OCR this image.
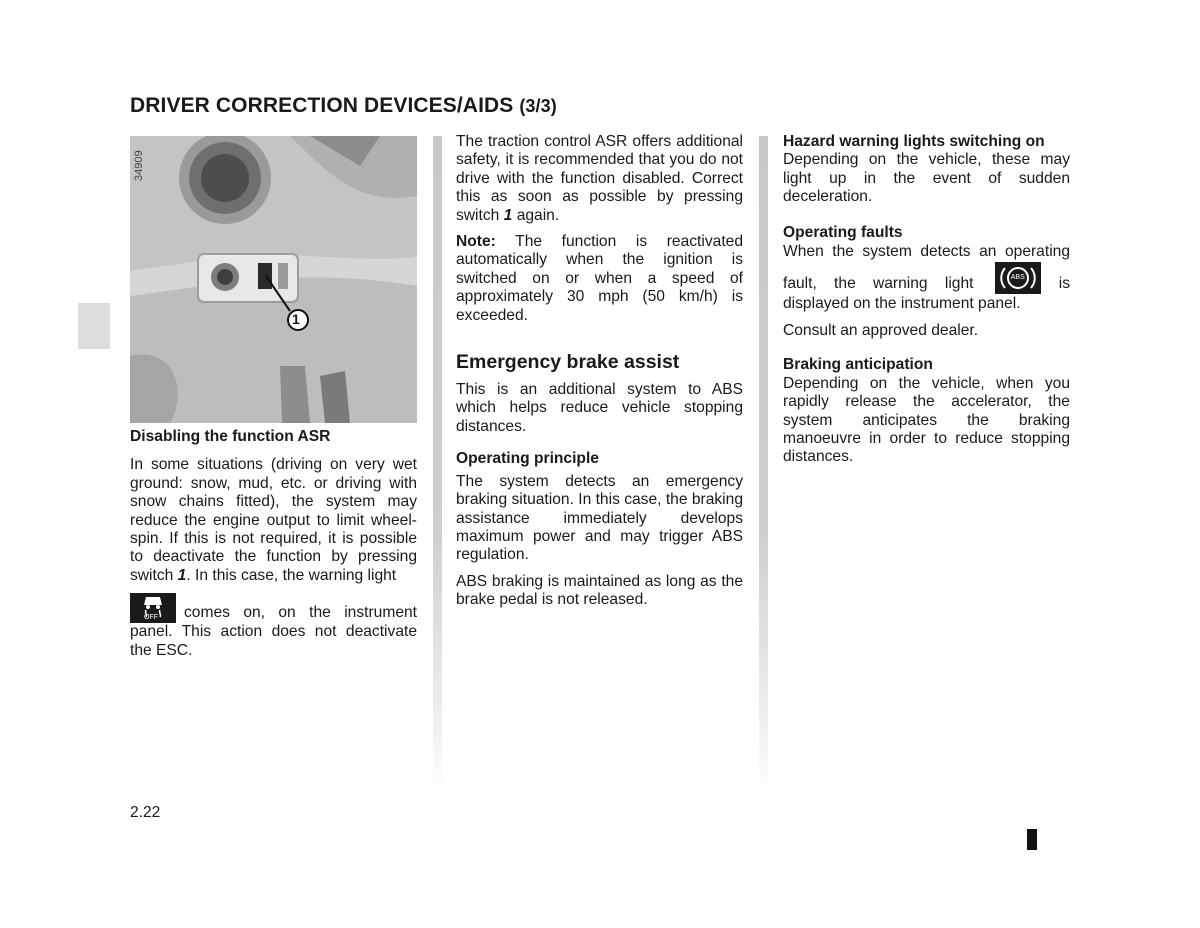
DRIVER CORRECTION DEVICES/AIDS (3/3)
1
34909

Disabling the function ASR

In some situations (driving on very wet ground: snow, mud, etc. or driving with snow chains fitted), the system may reduce the engine output to limit wheel-spin. If this is not required, it is possible to deactivate the function by pressing switch 1. In this case, the warning light

OFF comes on, on the instrument panel. This action does not deactivate the ESC.

The traction control ASR offers additional safety, it is recommended that you do not drive with the function disabled. Correct this as soon as possible by pressing switch 1 again.

Note: The function is reactivated automatically when the ignition is switched on or when a speed of approximately 30 mph (50 km/h) is exceeded.

Emergency brake assist

This is an additional system to ABS which helps reduce vehicle stopping distances.

Operating principle

The system detects an emergency braking situation. In this case, the braking assistance immediately develops maximum power and may trigger ABS regulation.

ABS braking is maintained as long as the brake pedal is not released.

Hazard warning lights switching on

Depending on the vehicle, these may light up in the event of sudden deceleration.

Operating faults

When the system detects an operating fault, the warning light	ABS is displayed on the instrument panel.

Consult an approved dealer.

Braking anticipation

Depending on the vehicle, when you rapidly release the accelerator, the system anticipates the braking manoeuvre in order to reduce stopping distances.

2.22
